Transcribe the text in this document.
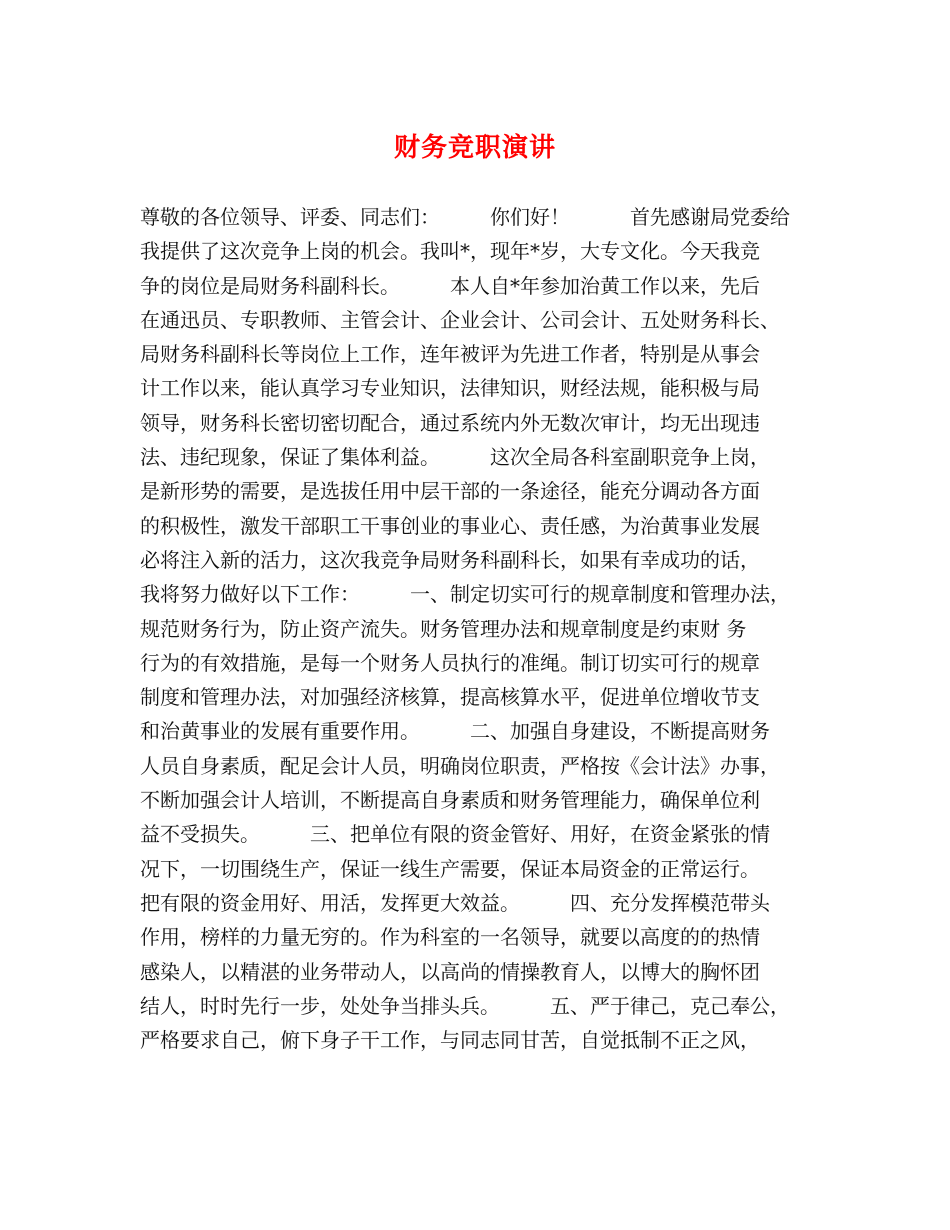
财务竞职演讲
尊敬的各位领导、评委、同志们：　　　你们好！　　　首先感谢局党委给
我提供了这次竞争上岗的机会。我叫*，现年*岁，大专文化。今天我竞
争的岗位是局财务科副科长。　　　本人自*年参加治黄工作以来，先后
在通迅员、专职教师、主管会计、企业会计、公司会计、五处财务科长、
局财务科副科长等岗位上工作，连年被评为先进工作者，特别是从事会
计工作以来，能认真学习专业知识，法律知识，财经法规，能积极与局
领导，财务科长密切密切配合，通过系统内外无数次审计，均无出现违
法、违纪现象，保证了集体利益。　　　这次全局各科室副职竞争上岗，
是新形势的需要，是选拔任用中层干部的一条途径，能充分调动各方面
的积极性，激发干部职工干事创业的事业心、责任感，为治黄事业发展
必将注入新的活力，这次我竞争局财务科副科长，如果有幸成功的话，
我将努力做好以下工作：　　　一、制定切实可行的规章制度和管理办法，
规范财务行为，防止资产流失。财务管理办法和规章制度是约束财 务
行为的有效措施，是每一个财务人员执行的准绳。制订切实可行的规章
制度和管理办法，对加强经济核算，提高核算水平，促进单位增收节支
和治黄事业的发展有重要作用。　　　二、加强自身建设，不断提高财务
人员自身素质，配足会计人员，明确岗位职责，严格按《会计法》办事，
不断加强会计人培训，不断提高自身素质和财务管理能力，确保单位利
益不受损失。　　　三、把单位有限的资金管好、用好，在资金紧张的情
况下，一切围绕生产，保证一线生产需要，保证本局资金的正常运行。
把有限的资金用好、用活，发挥更大效益。　　　四、充分发挥模范带头
作用，榜样的力量无穷的。作为科室的一名领导，就要以高度的的热情
感染人，以精湛的业务带动人，以高尚的情操教育人，以博大的胸怀团
结人，时时先行一步，处处争当排头兵。　　　五、严于律己，克己奉公，
严格要求自己，俯下身子干工作，与同志同甘苦，自觉抵制不正之风，
